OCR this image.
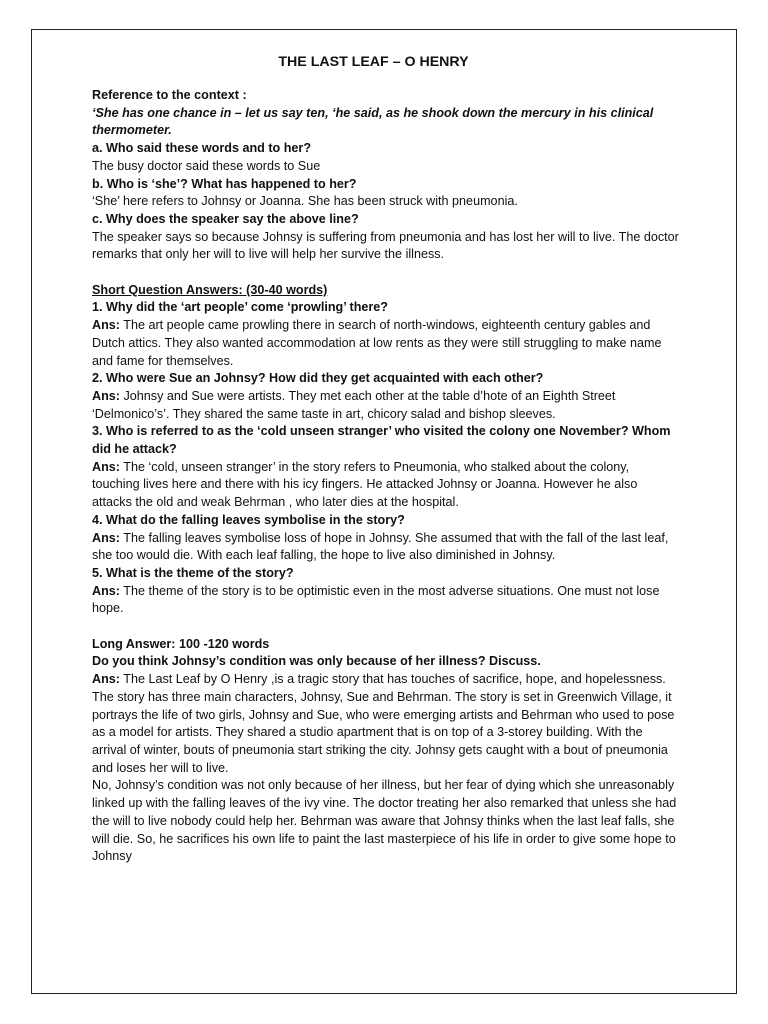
THE LAST LEAF – O HENRY

Reference to the context :

‘She has one chance in – let us say ten, ‘he said, as he shook down the mercury in his clinical thermometer.

a. Who said these words and to her?

The busy doctor said these words to Sue

b. Who is ‘she’? What has happened to her?

‘She’ here refers to Johnsy or Joanna. She has been struck with pneumonia.

c. Why does the speaker say the above line?

The speaker says so because Johnsy is suffering from pneumonia and has lost her will to live. The doctor remarks that only her will to live will help her survive the illness.

Short Question Answers: (30-40 words)

1. Why did the ‘art people’ come ‘prowling’ there?

Ans: The art people came prowling there in search of north-windows, eighteenth century gables and Dutch attics. They also wanted accommodation at low rents as they were still struggling to make name and fame for themselves.

2. Who were Sue an Johnsy? How did they get acquainted with each other?

Ans: Johnsy and Sue were artists. They met each other at the table d’hote of an Eighth Street ‘Delmonico’s’. They shared the same taste in art, chicory salad and bishop sleeves.

3. Who is referred to as the ‘cold unseen stranger’ who visited the colony one November? Whom did he attack?

Ans: The ‘cold, unseen stranger’ in the story refers to Pneumonia, who stalked about the colony, touching lives here and there with his icy fingers. He attacked Johnsy or Joanna. However he also attacks the old and weak Behrman , who later dies at the hospital.

4. What do the falling leaves symbolise in the story?

Ans: The falling leaves symbolise loss of hope in Johnsy. She assumed that with the fall of the last leaf, she too would die. With each leaf falling, the hope to live also diminished in Johnsy.

5. What is the theme of the story?

Ans: The theme of the story is to be optimistic even in the most adverse situations. One must not lose hope.

Long Answer: 100 -120 words

Do you think Johnsy’s condition was only because of her illness? Discuss.

Ans: The Last Leaf by O Henry ,is a tragic story that has touches of sacrifice, hope, and hopelessness. The story has three main characters, Johnsy, Sue and Behrman. The story is set in Greenwich Village, it portrays the life of two girls, Johnsy and Sue, who were emerging artists and Behrman who used to pose as a model for artists. They shared a studio apartment that is on top of a 3-storey building. With the arrival of winter, bouts of pneumonia start striking the city. Johnsy gets caught with a bout of pneumonia and loses her will to live.

No, Johnsy’s condition was not only because of her illness, but her fear of dying which she unreasonably linked up with the falling leaves of the ivy vine. The doctor treating her also remarked that unless she had the will to live nobody could help her. Behrman was aware that Johnsy thinks when the last leaf falls, she will die. So, he sacrifices his own life to paint the last masterpiece of his life in order to give some hope to Johnsy
